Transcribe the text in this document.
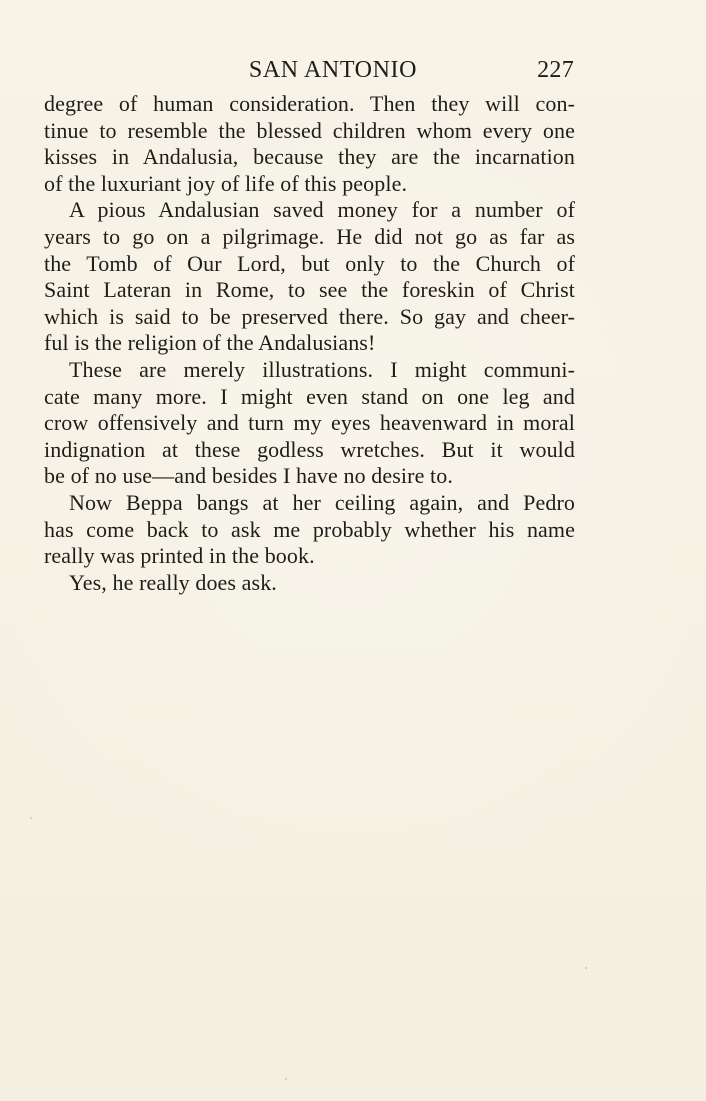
SAN ANTONIO	227
degree of human consideration. Then they will con-
tinue to resemble the blessed children whom every one
kisses in Andalusia, because they are the incarnation
of the luxuriant joy of life of this people.
A pious Andalusian saved money for a number of
years to go on a pilgrimage. He did not go as far as
the Tomb of Our Lord, but only to the Church of
Saint Lateran in Rome, to see the foreskin of Christ
which is said to be preserved there. So gay and cheer-
ful is the religion of the Andalusians!
These are merely illustrations. I might communi-
cate many more. I might even stand on one leg and
crow offensively and turn my eyes heavenward in moral
indignation at these godless wretches. But it would
be of no use—and besides I have no desire to.
Now Beppa bangs at her ceiling again, and Pedro
has come back to ask me probably whether his name
really was printed in the book.
Yes, he really does ask.
